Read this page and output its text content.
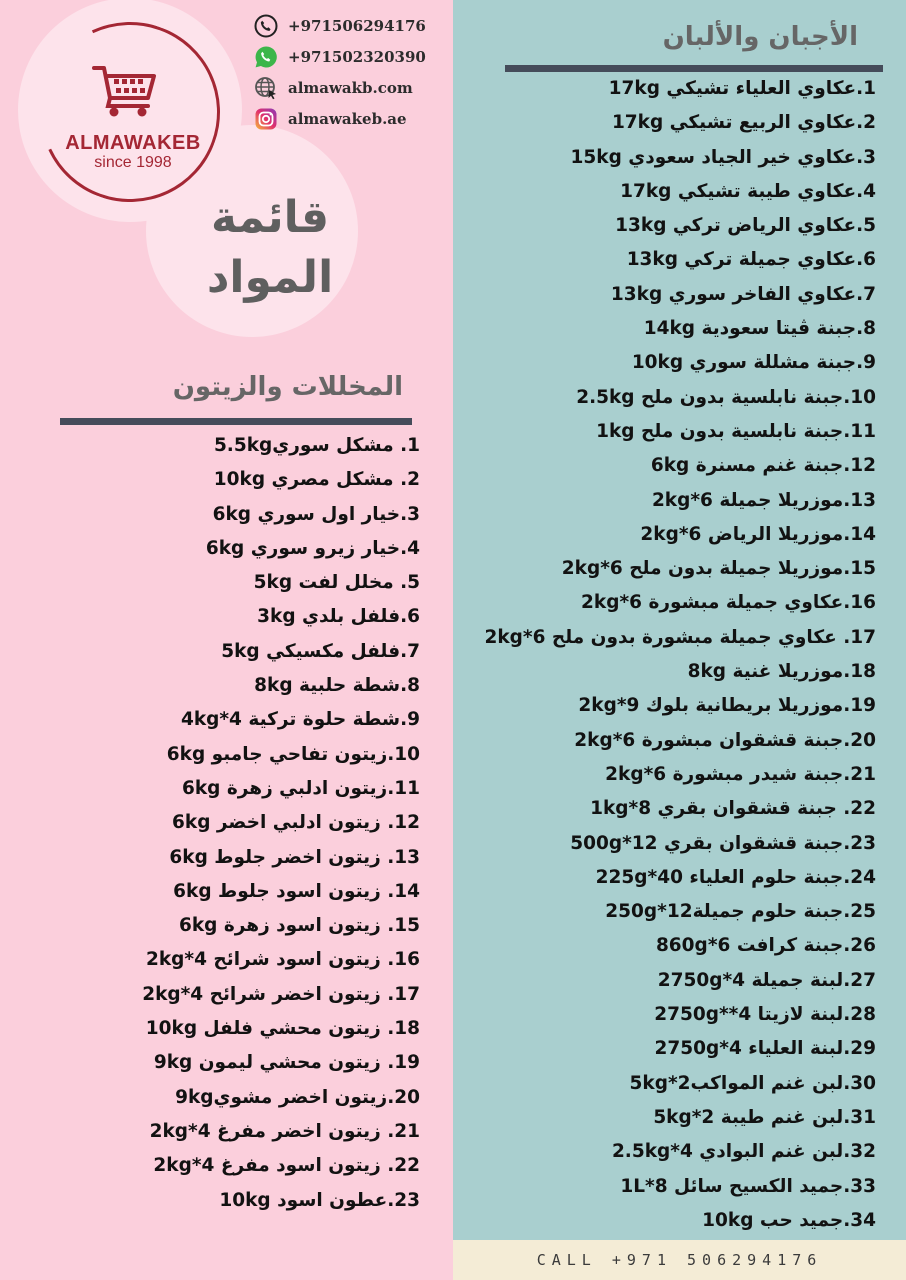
ALMAWAKEB
since 1998
+971506294176
+971502320390
almawakb.com
almawakeb.ae
قائمة
المواد
المخللات والزيتون
1. مشكل سوري5.5kg
2. مشكل مصري 10kg
3.خيار اول سوري 6kg
4.خيار زيرو سوري 6kg
5. مخلل لفت 5kg
6.فلفل بلدي 3kg
7.فلفل مكسيكي 5kg
8.شطة حلبية 8kg
9.شطة حلوة تركية 4kg*4
10.زيتون تفاحي جامبو 6kg
11.زيتون ادلبي زهرة 6kg
12. زيتون ادلبي اخضر 6kg
13. زيتون اخضر جلوط 6kg
14. زيتون اسود جلوط 6kg
15. زيتون اسود زهرة 6kg
16. زيتون اسود شرائح 2kg*4
17. زيتون اخضر شرائح 2kg*4
18. زيتون محشي فلفل 10kg
19. زيتون محشي ليمون 9kg
20.زيتون اخضر مشوي9kg
21. زيتون اخضر مفرغ 2kg*4
22. زيتون اسود مفرغ 2kg*4
23.عطون اسود 10kg
الأجبان والألبان
1.عكاوي العلياء تشيكي 17kg
2.عكاوي الربيع تشيكي 17kg
3.عكاوي خير الجياد سعودي 15kg
4.عكاوي طيبة تشيكي 17kg
5.عكاوي الرياض تركي 13kg
6.عكاوي جميلة تركي 13kg
7.عكاوي الفاخر سوري 13kg
8.جبنة ڤيتا سعودية 14kg
9.جبنة مشللة سوري 10kg
10.جبنة نابلسية بدون ملح 2.5kg
11.جبنة نابلسية بدون ملح 1kg
12.جبنة غنم مسنرة 6kg
13.موزريلا جميلة 6*2kg
14.موزريلا الرياض 6*2kg
15.موزريلا جميلة بدون ملح 6*2kg
16.عكاوي جميلة مبشورة 6*2kg
17. عكاوي جميلة مبشورة بدون ملح 6*2kg
18.موزريلا غنية 8kg
19.موزريلا بريطانية بلوك 9*2kg
20.جبنة قشقوان مبشورة 6*2kg
21.جبنة شيدر مبشورة 6*2kg
22. جبنة قشقوان بقري 8*1kg
23.جبنة قشقوان بقري 12*500g
24.جبنة حلوم العلياء 40*225g
25.جبنة حلوم جميلة12*250g
26.جبنة كرافت 6*860g
27.لبنة جميلة 4*2750g
28.لبنة لازيتا 4**2750g
29.لبنة العلياء 4*2750g
30.لبن غنم المواكب2*5kg
31.لبن غنم طيبة 2*5kg
32.لبن غنم البوادي 4*2.5kg
33.جميد الكسيح سائل 8*1L
34.جميد حب 10kg
CALL +971 506294176
